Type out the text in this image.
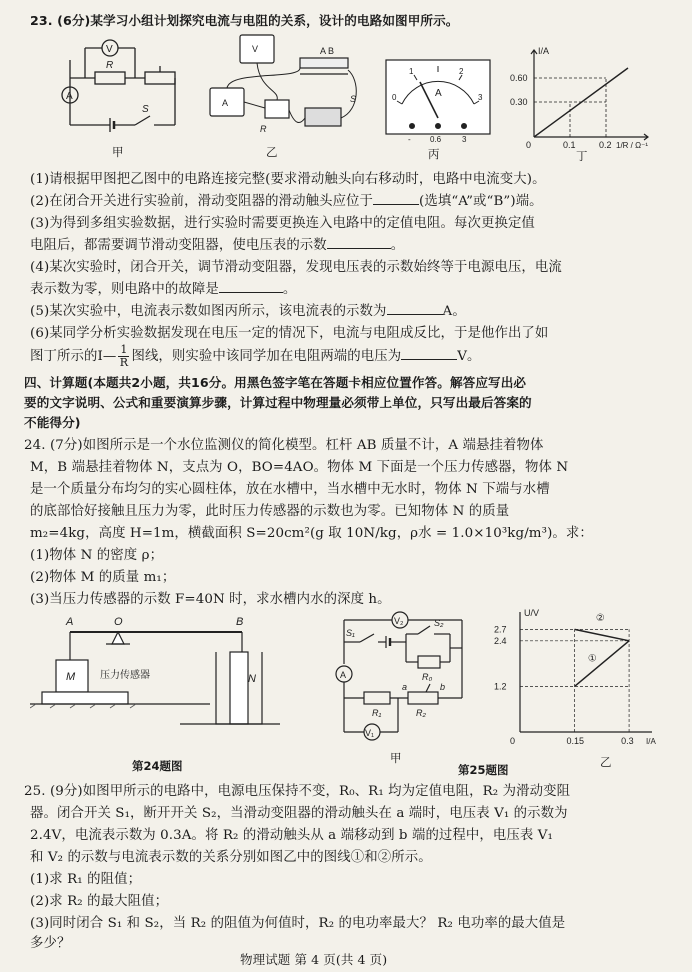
23. (6分)某学习小组计划探究电流与电阻的关系，设计的电路如图甲所示。
V
A
R
S
甲
A B
R
S
V
A
乙
0
1	2
3
A
- 0.6	3
丙
I/A
0.60
0.30
0.1	0.2
0	1/R / Ω⁻¹
丁
(1)请根据甲图把乙图中的电路连接完整(要求滑动触头向右移动时，电路中电流变大)。
(2)在闭合开关进行实验前，滑动变阻器的滑动触头应位于	(选填“A”或“B”)端。
(3)为得到多组实验数据，进行实验时需要更换连入电路中的定值电阻。每次更换定值
电阻后，都需要调节滑动变阻器，使电压表的示数	。
(4)某次实验时，闭合开关，调节滑动变阻器，发现电压表的示数始终等于电源电压，电流
表示数为零，则电路中的故障是	。
(5)某次实验中，电流表示数如图丙所示，该电流表的示数为	A。
(6)某同学分析实验数据发现在电压一定的情况下，电流与电阻成反比，于是他作出了如
图丁所示的I— $\frac{1}{R}$ 图线，则实验中该同学加在电阻两端的电压为	V。
四、计算题(本题共2小题，共16分。用黑色签字笔在答题卡相应位置作答。解答应写出必
要的文字说明、公式和重要演算步骤，计算过程中物理量必须带上单位，只写出最后答案的
不能得分)
24. (7分)如图所示是一个水位监测仪的简化模型。杠杆 AB 质量不计，A 端悬挂着物体
M，B 端悬挂着物体 N，支点为 O，BO=4AO。物体 M 下面是一个压力传感器，物体 N
是一个质量分布均匀的实心圆柱体，放在水槽中，当水槽中无水时，物体 N 下端与水槽
的底部恰好接触且压力为零，此时压力传感器的示数也为零。已知物体 N 的质量
m₂=4kg，高度 H=1m，横截面积 S=20cm²(g 取 10N/kg，ρ水 = 1.0×10³kg/m³)。求：
(1)物体 N 的密度 ρ；
(2)物体 M 的质量 m₁；
(3)当压力传感器的示数 F=40N 时，求水槽内水的深度 h。
A	O	B
M	N
压力传感器
第24题图
V₂
A
V₁
S₁
S₂
R₀
R₁	R₂
a	b
甲
U/V
I/A
1.2
2.4
2.7
0	0.15	0.3
①
②
乙
第25题图
25. (9分)如图甲所示的电路中，电源电压保持不变，R₀、R₁ 均为定值电阻，R₂ 为滑动变阻
器。闭合开关 S₁，断开开关 S₂，当滑动变阻器的滑动触头在 a 端时，电压表 V₁ 的示数为
2.4V，电流表示数为 0.3A。将 R₂ 的滑动触头从 a 端移动到 b 端的过程中，电压表 V₁
和 V₂ 的示数与电流表示数的关系分别如图乙中的图线①和②所示。
(1)求 R₁ 的阻值；
(2)求 R₂ 的最大阻值；
(3)同时闭合 S₁ 和 S₂，当 R₂ 的阻值为何值时，R₂ 的电功率最大？ R₂ 电功率的最大值是
多少？
物理试题 第 4 页(共 4 页)
